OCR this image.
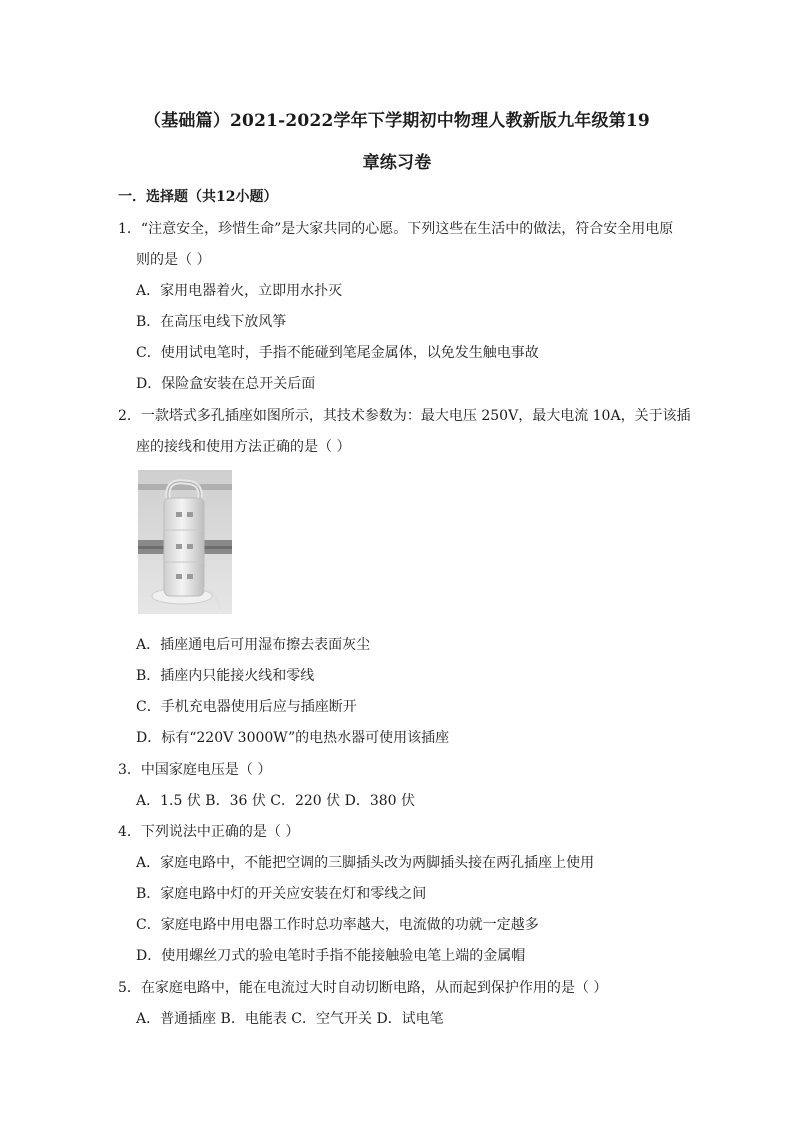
（基础篇）2021-2022学年下学期初中物理人教新版九年级第19
章练习卷
一．选择题（共12小题）
1．“注意安全，珍惜生命”是大家共同的心愿。下列这些在生活中的做法，符合安全用电原
则的是（ ）
A．家用电器着火，立即用水扑灭
B．在高压电线下放风筝
C．使用试电笔时，手指不能碰到笔尾金属体，以免发生触电事故
D．保险盒安装在总开关后面
2．一款塔式多孔插座如图所示，其技术参数为：最大电压 250V，最大电流 10A，关于该插
座的接线和使用方法正确的是（ ）
A．插座通电后可用湿布擦去表面灰尘
B．插座内只能接火线和零线
C．手机充电器使用后应与插座断开
D．标有“220V 3000W”的电热水器可使用该插座
3．中国家庭电压是（ ）
A．1.5 伏 B．36 伏 C．220 伏 D．380 伏
4．下列说法中正确的是（ ）
A．家庭电路中，不能把空调的三脚插头改为两脚插头接在两孔插座上使用
B．家庭电路中灯的开关应安装在灯和零线之间
C．家庭电路中用电器工作时总功率越大，电流做的功就一定越多
D．使用螺丝刀式的验电笔时手指不能接触验电笔上端的金属帽
5．在家庭电路中，能在电流过大时自动切断电路，从而起到保护作用的是（ ）
A．普通插座 B．电能表 C．空气开关 D．试电笔
